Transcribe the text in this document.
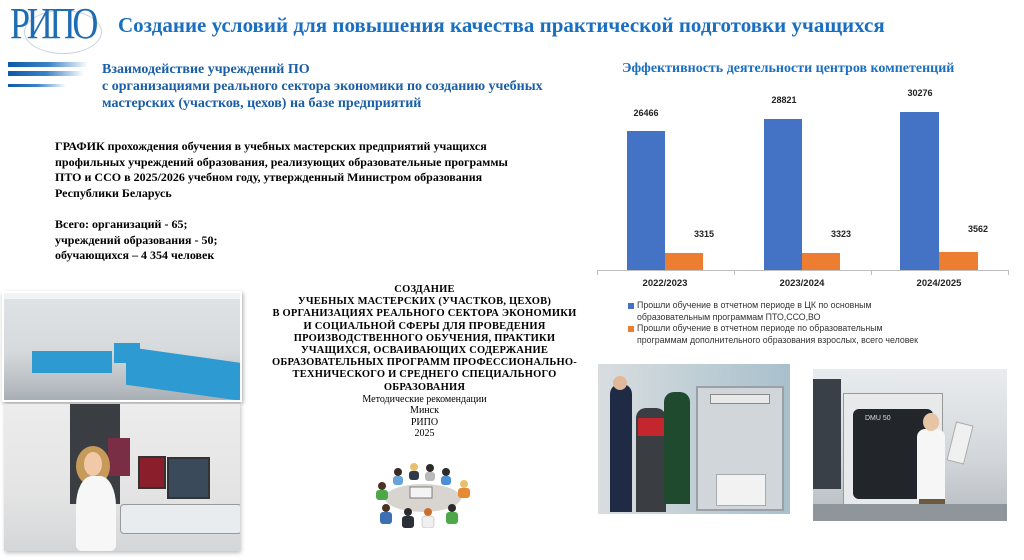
РИПО Создание условий для повышения качества практической подготовки учащихся
Взаимодействие учреждений ПО
с организациями реального сектора экономики по созданию учебных
мастерских (участков, цехов) на базе предприятий
ГРАФИК прохождения обучения в учебных мастерских предприятий учащихся
профильных учреждений образования, реализующих образовательные программы
ПТО и ССО в 2025/2026 учебном году, утвержденный Министром образования
Республики Беларусь
Всего: организаций - 65;
учреждений образования - 50;
обучающихся – 4 354 человек
СОЗДАНИЕ
УЧЕБНЫХ МАСТЕРСКИХ (УЧАСТКОВ, ЦЕХОВ)
В ОРГАНИЗАЦИЯХ РЕАЛЬНОГО СЕКТОРА ЭКОНОМИКИ
И СОЦИАЛЬНОЙ СФЕРЫ ДЛЯ ПРОВЕДЕНИЯ
ПРОИЗВОДСТВЕННОГО ОБУЧЕНИЯ, ПРАКТИКИ
УЧАЩИХСЯ, ОСВАИВАЮЩИХ СОДЕРЖАНИЕ
ОБРАЗОВАТЕЛЬНЫХ ПРОГРАММ ПРОФЕССИОНАЛЬНО-
ТЕХНИЧЕСКОГО И СРЕДНЕГО СПЕЦИАЛЬНОГО
ОБРАЗОВАНИЯ
Методические рекомендации
Минск
РИПО
2025
Эффективность деятельности центров компетенций
26466
3315
2022/2023
28821
3323
2023/2024
30276
3562
2024/2025
Прошли обучение в отчетном периоде в ЦК по основным
образовательным программам ПТО,ССО,ВО
Прошли обучение в отчетном периоде по образовательным
программам дополнительного образования взрослых, всего человек
DMU 50
